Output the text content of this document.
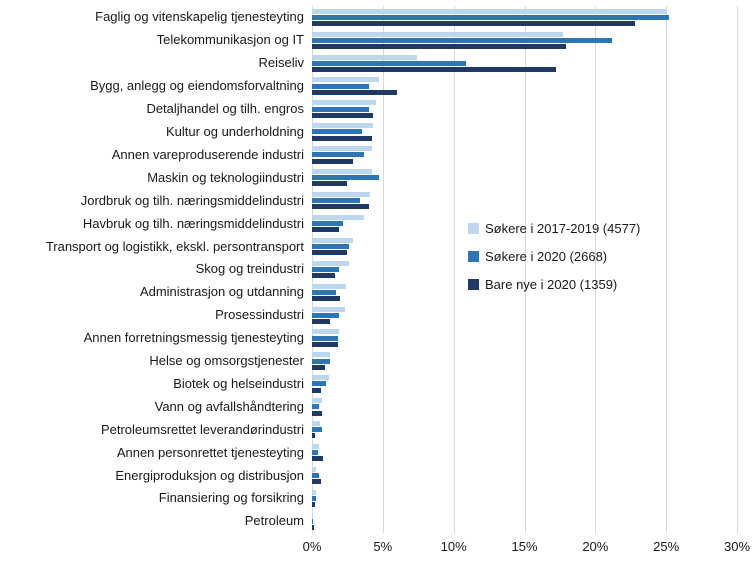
Faglig og vitenskapelig tjenesteyting
Telekommunikasjon og IT
Reiseliv
Bygg, anlegg og eiendomsforvaltning
Detaljhandel og tilh. engros
Kultur og underholdning
Annen vareproduserende industri
Maskin og teknologiindustri
Jordbruk og tilh. næringsmiddelindustri
Havbruk og tilh. næringsmiddelindustri
Transport og logistikk, ekskl. persontransport
Skog og treindustri
Administrasjon og utdanning
Prosessindustri
Annen forretningsmessig tjenesteyting
Helse og omsorgstjenester
Biotek og helseindustri
Vann og avfallshåndtering
Petroleumsrettet leverandørindustri
Annen personrettet tjenesteyting
Energiproduksjon og distribusjon
Finansiering og forsikring
Petroleum
0%	5%	10%	15%	20%	25%	30%
Søkere i 2017-2019 (4577)
Søkere i 2020 (2668)
Bare nye i 2020 (1359)
